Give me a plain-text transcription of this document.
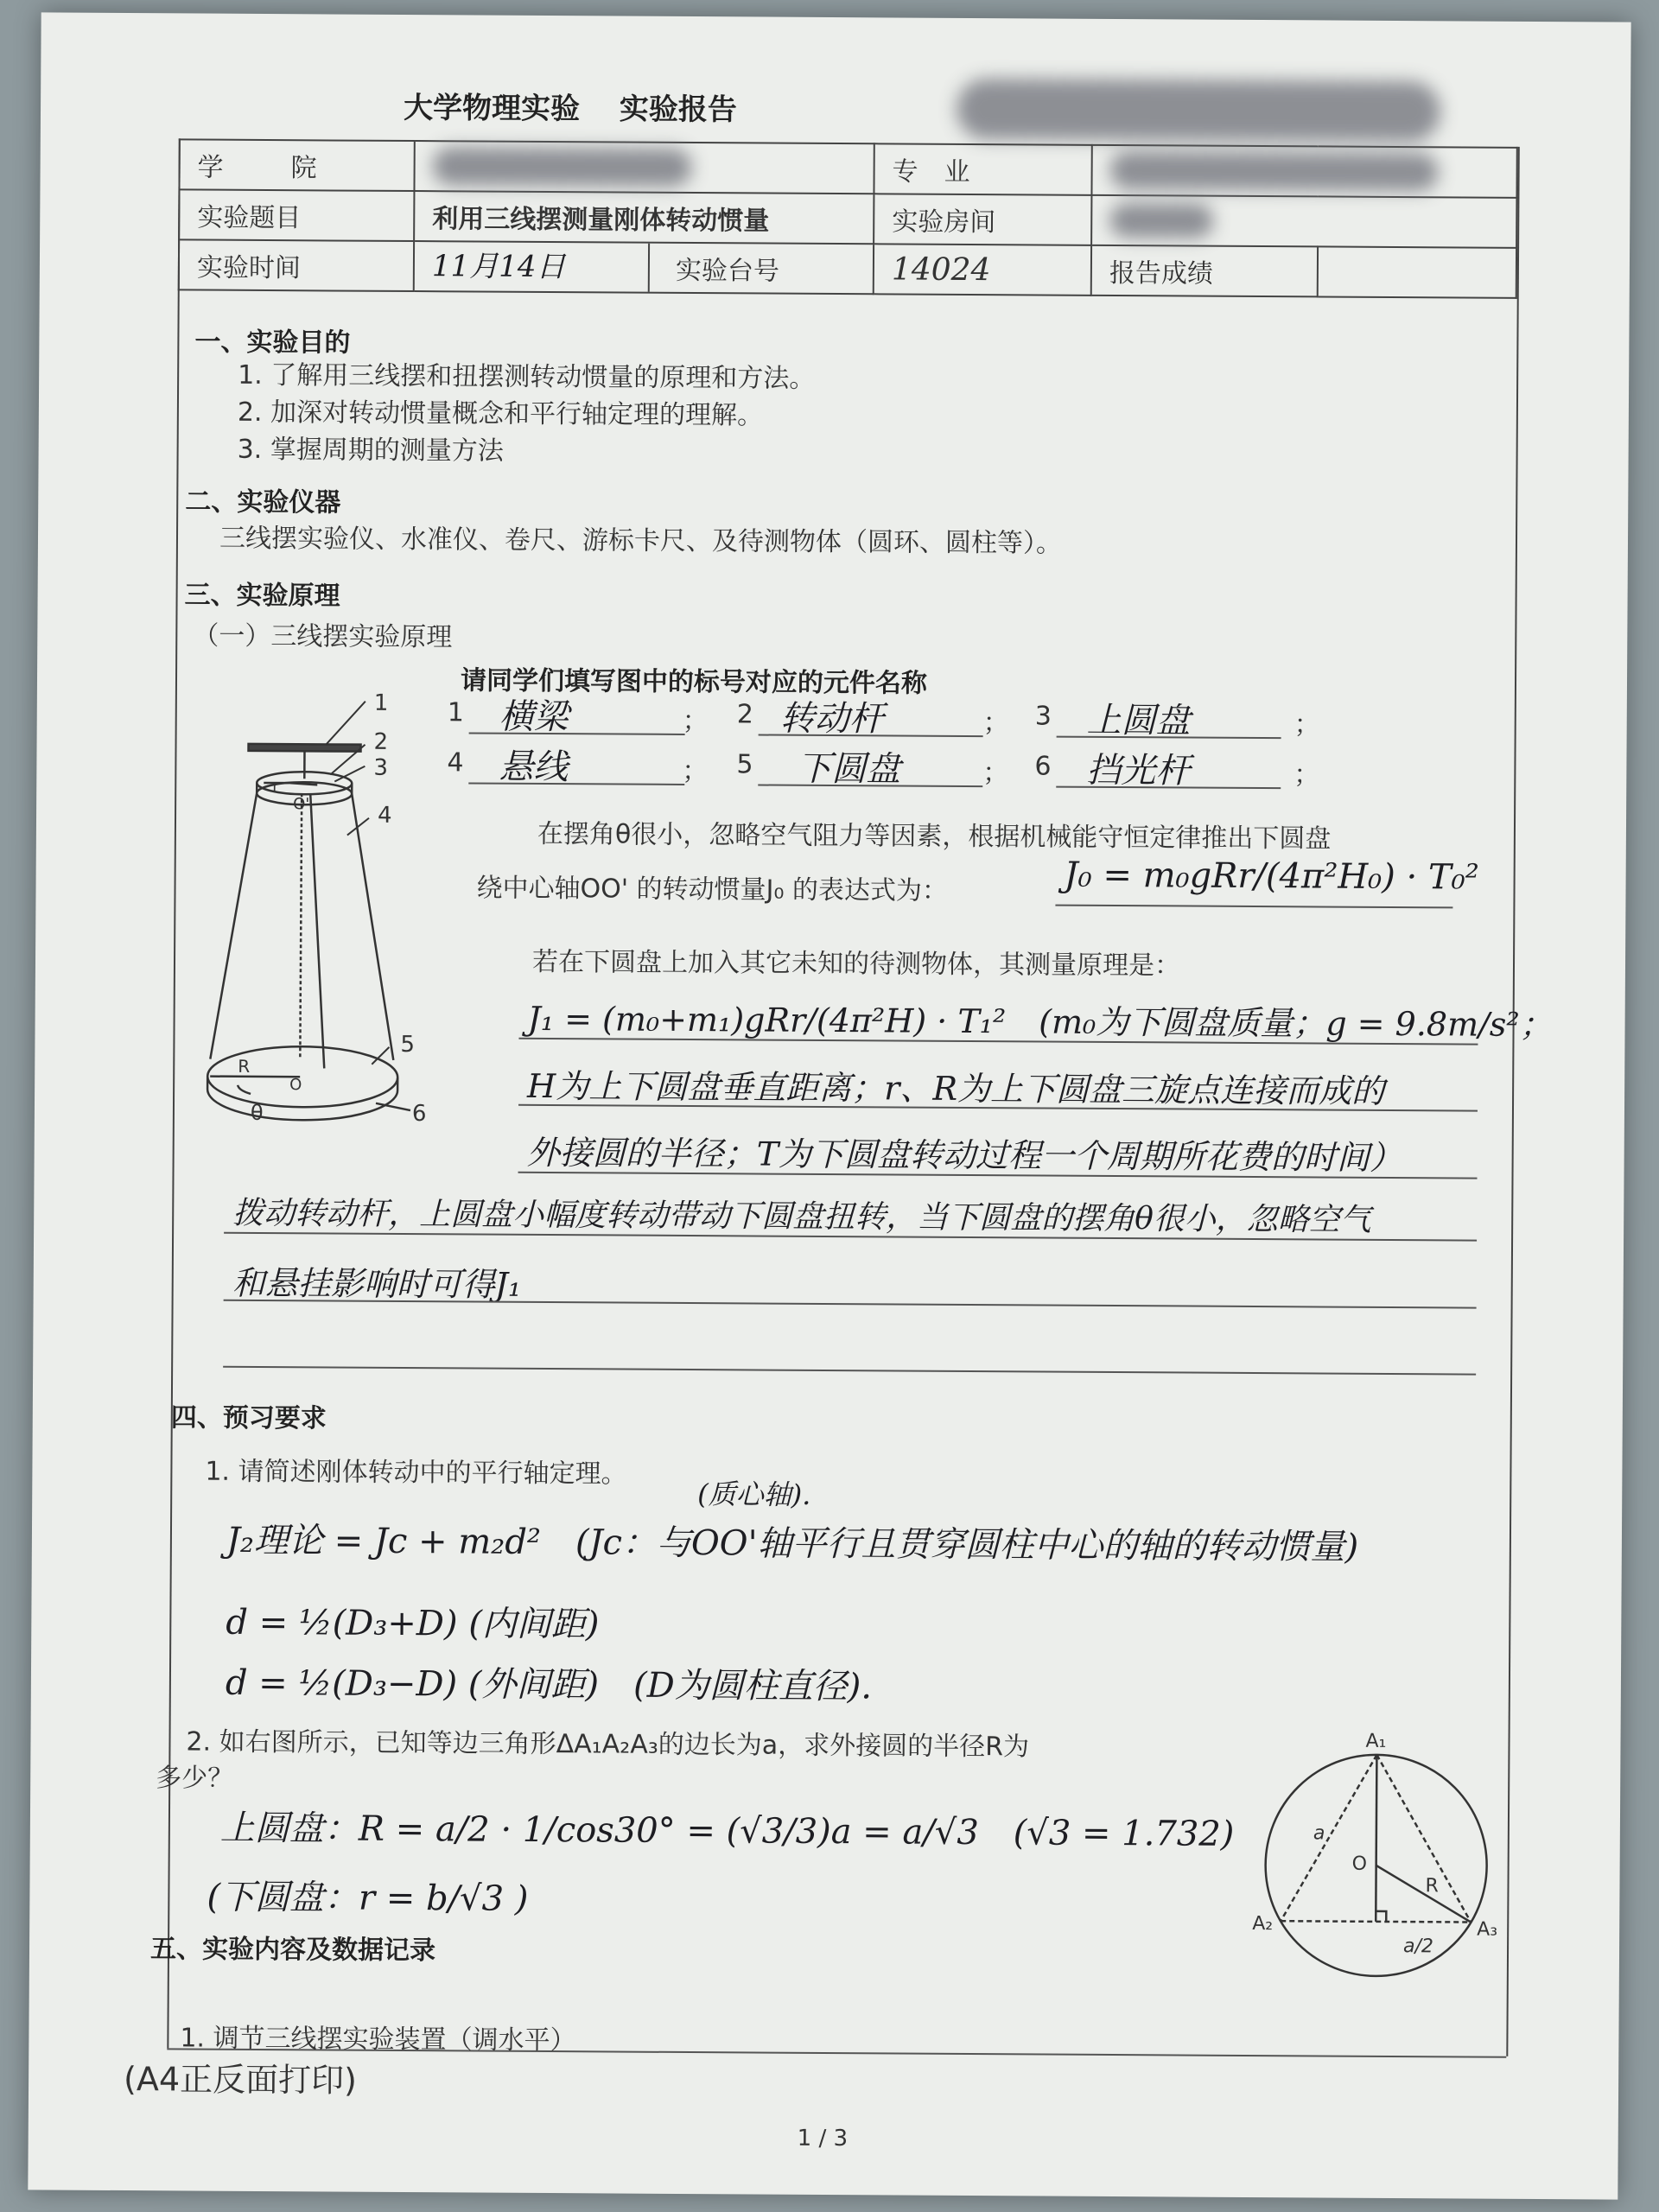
大学物理实验　 实验报告
学　　院		专　业		

实验题目	利用三线摆测量刚体转动惯量	实验房间		

实验时间	11月14日 实验台号	14024	报告成绩	
一、实验目的
1. 了解用三线摆和扭摆测转动惯量的原理和方法。
2. 加深对转动惯量概念和平行轴定理的理解。
3. 掌握周期的测量方法
二、实验仪器
三线摆实验仪、水准仪、卷尺、游标卡尺、及待测物体（圆环、圆柱等）。
三、实验原理
（一）三线摆实验原理
请同学们填写图中的标号对应的元件名称
1 横梁	； 2 转动杆	； 3 上圆盘	；
4 悬线	； 5 下圆盘	； 6 挡光杆	；
1
2
3
4
5
6
r
O'
R
O
θ
在摆角θ很小，忽略空气阻力等因素，根据机械能守恒定律推出下圆盘
绕中心轴OO' 的转动惯量J₀ 的表达式为：	J₀ = m₀gRr/(4π²H₀) · T₀²
若在下圆盘上加入其它未知的待测物体，其测量原理是：
J₁ = (m₀+m₁)gRr/(4π²H) · T₁²　(m₀为下圆盘质量；g = 9.8m/s²；
H为上下圆盘垂直距离；r、R为上下圆盘三旋点连接而成的
外接圆的半径；T为下圆盘转动过程一个周期所花费的时间）
拨动转动杆，上圆盘小幅度转动带动下圆盘扭转，当下圆盘的摆角θ很小，忽略空气
和悬挂影响时可得J₁
四、预习要求
1. 请简述刚体转动中的平行轴定理。
(质心轴).
J₂理论 = Jc + m₂d²　(Jc：与OO'轴平行且贯穿圆柱中心的轴的转动惯量)
d = ½(D₃+D) (内间距)
d = ½(D₃−D) (外间距)　(D为圆柱直径).
2. 如右图所示，已知等边三角形ΔA₁A₂A₃的边长为a，求外接圆的半径R为
多少？
上圆盘：R = a/2 · 1/cos30° = (√3/3)a = a/√3　(√3 = 1.732)
(下圆盘：r = b/√3 )
A₁
A₂	A₃
a
O
R
a/2
五、实验内容及数据记录
1. 调节三线摆实验装置（调水平）
(A4正反面打印)
1 / 3
